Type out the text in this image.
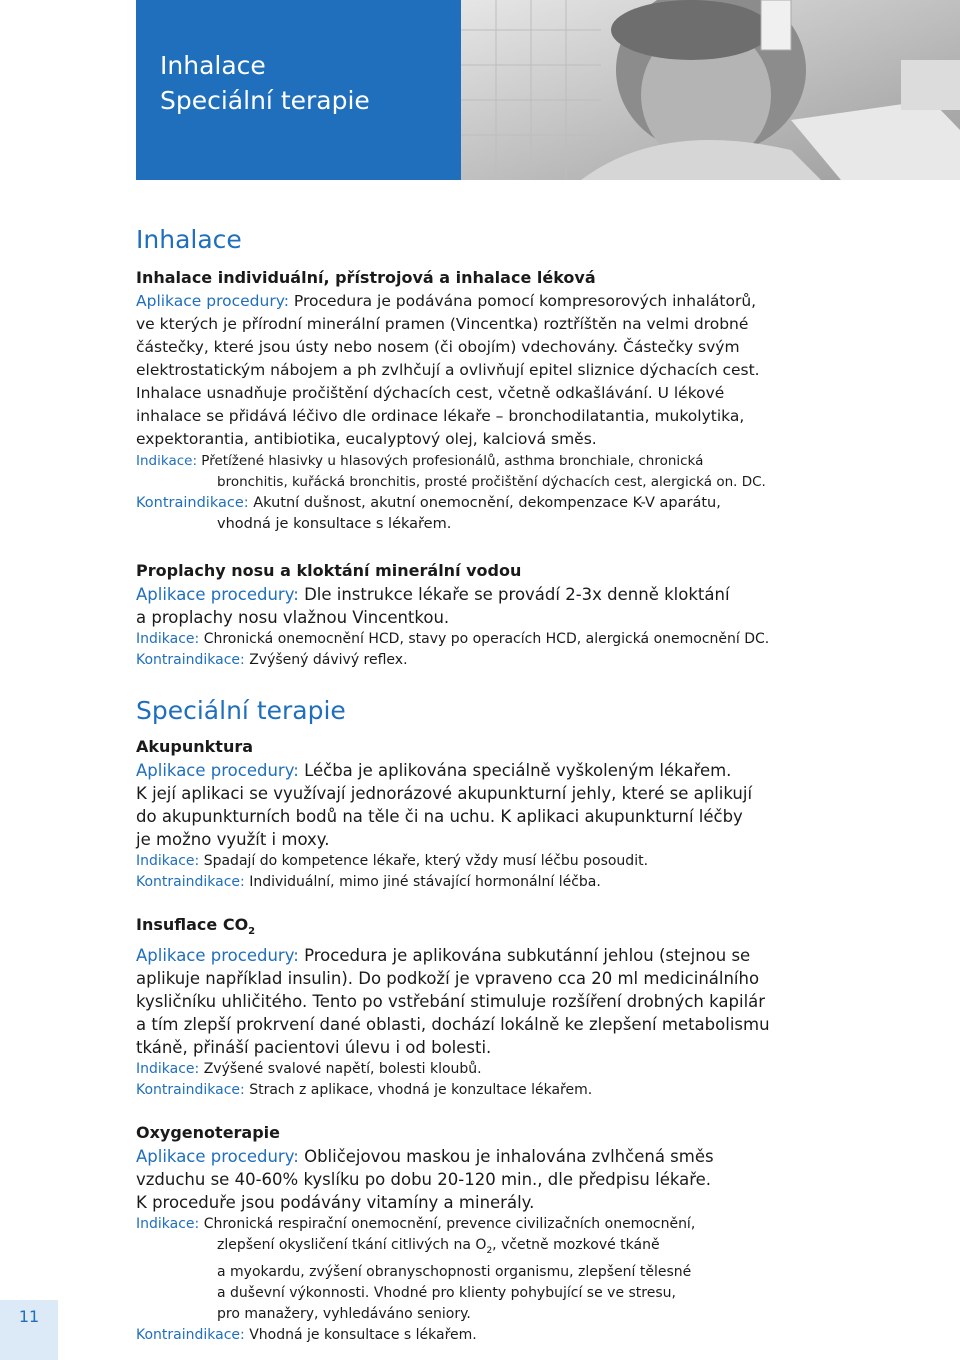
Inhalace
Speciální terapie
Inhalace

Inhalace individuální, přístrojová a inhalace léková

Aplikace procedury: Procedura je podávána pomocí kompresorových inhalátorů,

ve kterých je přírodní minerální pramen (Vincentka) roztříštěn na velmi drobné

částečky, které jsou ústy nebo nosem (či obojím) vdechovány. Částečky svým

elektrostatickým nábojem a ph zvlhčují a ovlivňují epitel sliznice dýchacích cest.

Inhalace usnadňuje pročištění dýchacích cest, včetně odkašlávání. U lékové

inhalace se přidává léčivo dle ordinace lékaře – bronchodilatantia, mukolytika,

expektorantia, antibiotika, eucalyptový olej, kalciová směs.

Indikace: Přetížené hlasivky u hlasových profesionálů, asthma bronchiale, chronická

bronchitis, kuřácká bronchitis, prosté pročištění dýchacích cest, alergická on. DC.

Kontraindikace: Akutní dušnost, akutní onemocnění, dekompenzace K-V aparátu,

vhodná je konsultace s lékařem.

Proplachy nosu a kloktání minerální vodou

Aplikace procedury: Dle instrukce lékaře se provádí 2-3x denně kloktání

a proplachy nosu vlažnou Vincentkou.

Indikace: Chronická onemocnění HCD, stavy po operacích HCD, alergická onemocnění DC.

Kontraindikace: Zvýšený dávivý reflex.

Speciální terapie

Akupunktura

Aplikace procedury: Léčba je aplikována speciálně vyškoleným lékařem.

K její aplikaci se využívají jednorázové akupunkturní jehly, které se aplikují

do akupunkturních bodů na těle či na uchu. K aplikaci akupunkturní léčby

je možno využít i moxy.

Indikace: Spadají do kompetence lékaře, který vždy musí léčbu posoudit.

Kontraindikace: Individuální, mimo jiné stávající hormonální léčba.

Insuflace $CO_2$

Aplikace procedury: Procedura je aplikována subkutánní jehlou (stejnou se

aplikuje například insulin). Do podkoží je vpraveno cca 20 ml medicinálního

kysličníku uhličitého. Tento po vstřebání stimuluje rozšíření drobných kapilár

a tím zlepší prokrvení dané oblasti, dochází lokálně ke zlepšení metabolismu

tkáně, přináší pacientovi úlevu i od bolesti.

Indikace: Zvýšené svalové napětí, bolesti kloubů.

Kontraindikace: Strach z aplikace, vhodná je konzultace lékařem.

Oxygenoterapie

Aplikace procedury: Obličejovou maskou je inhalována zvlhčená směs

vzduchu se 40-60% kyslíku po dobu 20-120 min., dle předpisu lékaře.

K proceduře jsou podávány vitamíny a minerály.

Indikace: Chronická respirační onemocnění, prevence civilizačních onemocnění,

zlepšení okysličení tkání citlivých na $O_2$, včetně mozkové tkáně

a myokardu, zvýšení obranyschopnosti organismu, zlepšení tělesné

a duševní výkonnosti. Vhodné pro klienty pohybující se ve stresu,

pro manažery, vyhledáváno seniory.

Kontraindikace: Vhodná je konsultace s lékařem.

11
